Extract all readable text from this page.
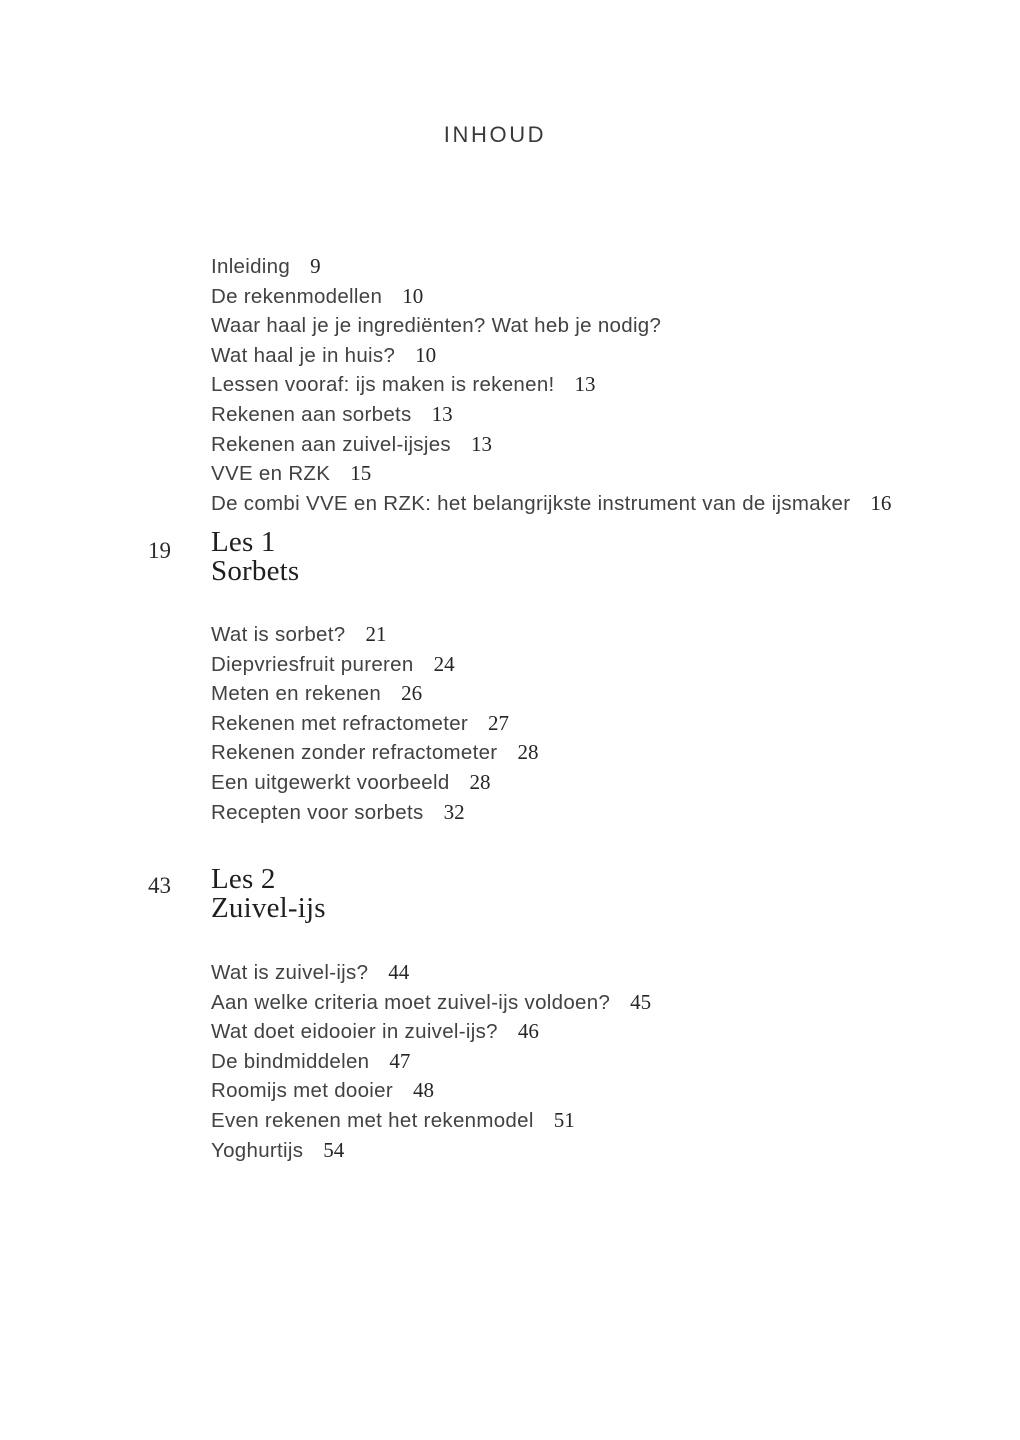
INHOUD
Inleiding 9
De rekenmodellen 10
Waar haal je je ingrediënten? Wat heb je nodig?
Wat haal je in huis? 10
Lessen vooraf: ijs maken is rekenen! 13
Rekenen aan sorbets 13
Rekenen aan zuivel-ijsjes 13
VVE en RZK 15
De combi VVE en RZK: het belangrijkste instrument van de ijsmaker 16
19 Les 1
Sorbets
Wat is sorbet? 21
Diepvriesfruit pureren 24
Meten en rekenen 26
Rekenen met refractometer 27
Rekenen zonder refractometer 28
Een uitgewerkt voorbeeld 28
Recepten voor sorbets 32
43 Les 2
Zuivel-ijs
Wat is zuivel-ijs? 44
Aan welke criteria moet zuivel-ijs voldoen? 45
Wat doet eidooier in zuivel-ijs? 46
De bindmiddelen 47
Roomijs met dooier 48
Even rekenen met het rekenmodel 51
Yoghurtijs 54
